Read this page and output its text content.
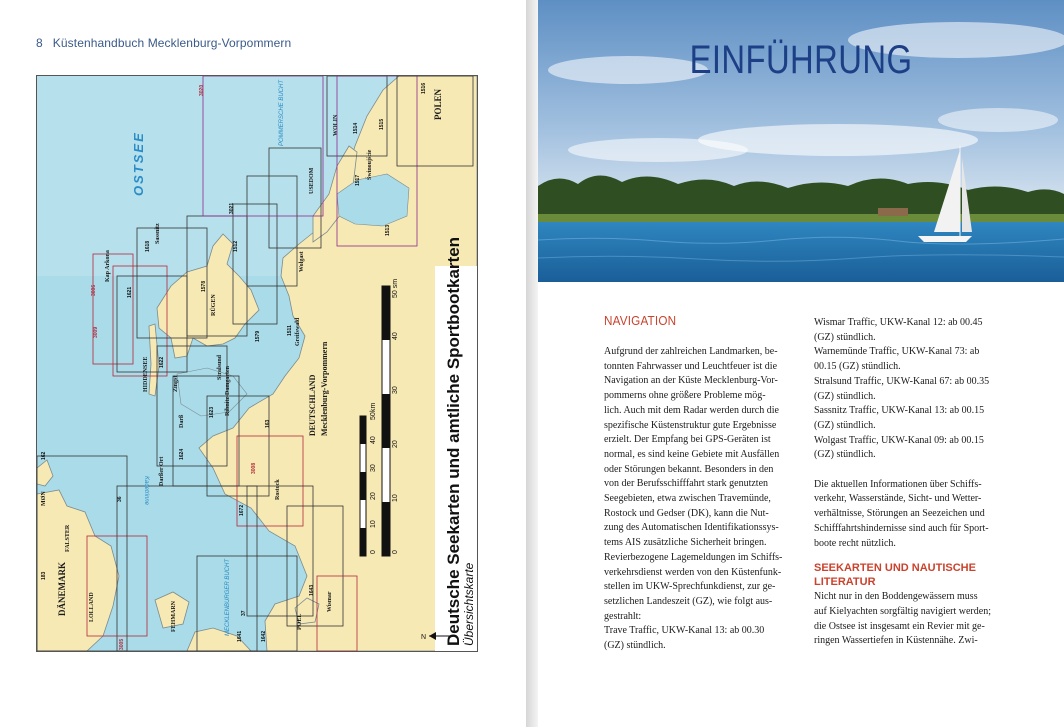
8 Küstenhandbuch Mecklenburg-Vorpommern
1516
1515
1514
1517
3021
3020
3006
3009
3005
3008
1621
1618
1622
1578
1579
1513
1512
1511
1624
1623
1672
1641	1642
1643
162
163
36
37
183
OSTSEE
Kadetrinne
POMMERSCHE BUCHT
MECKLENBURGER BUCHT
DEUTSCHLAND Mecklenburg-Vorpommern
DÄNEMARK
POLEN
Kap Arkona
Sassnitz
RÜGEN
HIDDENSEE	Zingst
Darßer Ort
Darß
Ribnitz-Damgarten
Stralsund
Greifswald
Wolgast
USEDOM
WOLIN
Świnoujście
Rostock
Wismar
POEL
FEHMARN
LOLLAND
FALSTER
MØN	Deutsche Seekarten und amtliche Sportbootkarten Übersichtskarte
0
10
20
30
40
50 sm
0
10
20
30
40
50
km
N
EINFÜHRUNG
NAVIGATION

Aufgrund der zahlreichen Landmarken, be-
tonnten Fahrwasser und Leuchtfeuer ist die
Navigation an der Küste Mecklenburg-Vor-
pommerns ohne größere Probleme mög-
lich. Auch mit dem Radar werden durch die
spezifische Küstenstruktur gute Ergebnisse
erzielt. Der Empfang bei GPS-Geräten ist
normal, es sind keine Gebiete mit Ausfällen
oder Störungen bekannt. Besonders in den
von der Berufsschifffahrt stark genutzten
Seegebieten, etwa zwischen Travemünde,
Rostock und Gedser (DK), kann die Nut-
zung des Automatischen Identifikationssys-
tems AIS zusätzliche Sicherheit bringen.
Revierbezogene Lagemeldungen im Schiffs-
verkehrsdienst werden von den Küstenfunk-
stellen im UKW-Sprechfunkdienst, zur ge-
setzlichen Landeszeit (GZ), wie folgt aus-
gestrahlt:
Trave Traffic, UKW-Kanal 13: ab 00.30
(GZ) stündlich.

Wismar Traffic, UKW-Kanal 12: ab 00.45
(GZ) stündlich.
Warnemünde Traffic, UKW-Kanal 73: ab
00.15 (GZ) stündlich.
Stralsund Traffic, UKW-Kanal 67: ab 00.35
(GZ) stündlich.
Sassnitz Traffic, UKW-Kanal 13: ab 00.15
(GZ) stündlich.
Wolgast Traffic, UKW-Kanal 09: ab 00.15
(GZ) stündlich.

Die aktuellen Informationen über Schiffs-
verkehr, Wasserstände, Sicht- und Wetter-
verhältnisse, Störungen an Seezeichen und
Schifffahrtshindernisse sind auch für Sport-
boote recht nützlich.

SEEKARTEN UND NAUTISCHE
LITERATUR

Nicht nur in den Boddengewässern muss
auf Kielyachten sorgfältig navigiert werden;
die Ostsee ist insgesamt ein Revier mit ge-
ringen Wassertiefen in Küstennähe. Zwi-
